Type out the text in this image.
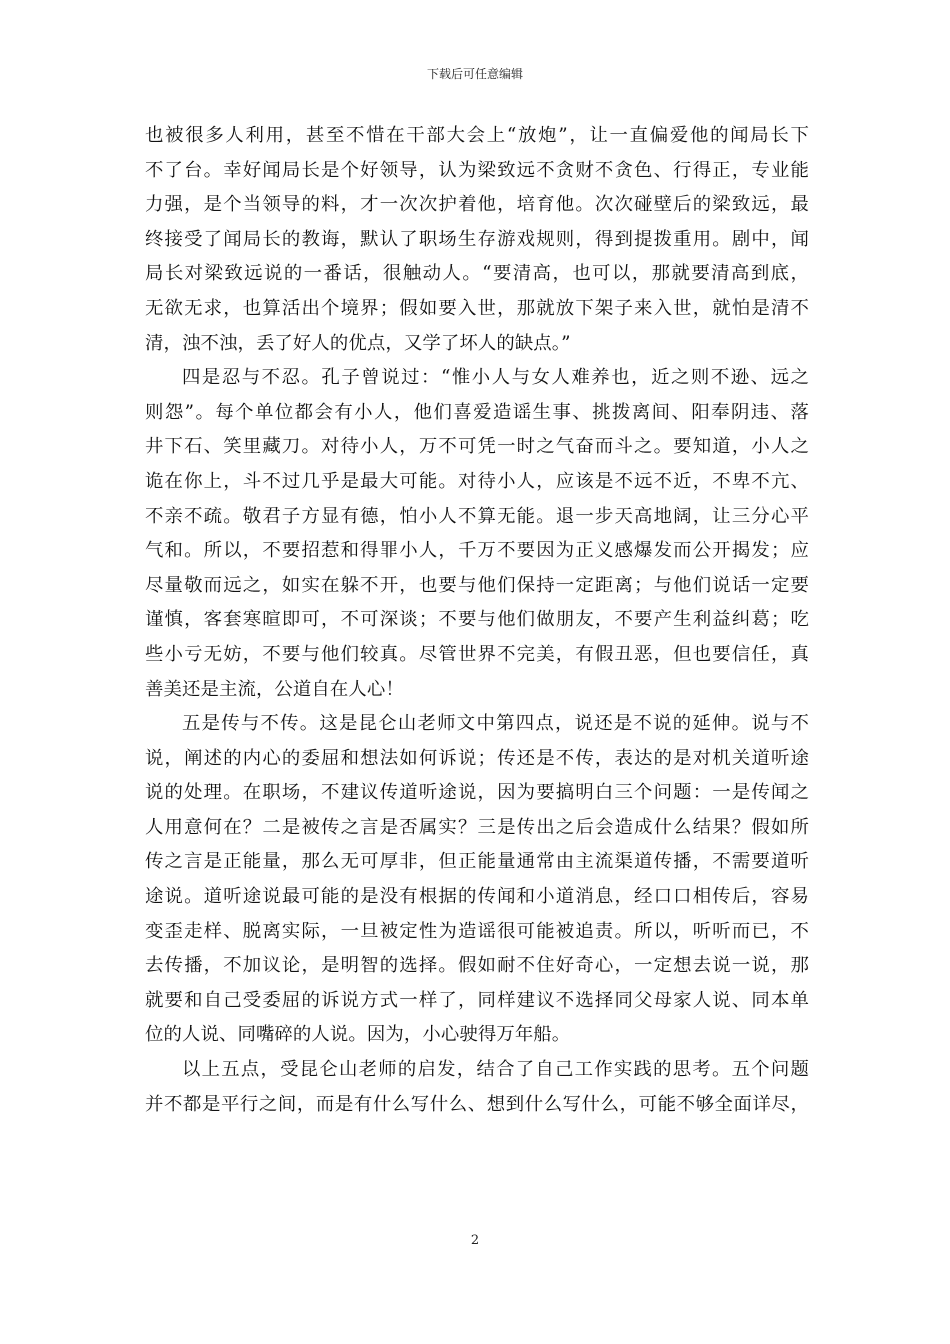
下载后可任意编辑
也被很多人利用，甚至不惜在干部大会上“放炮”，让一直偏爱他的闻局长下
不了台。幸好闻局长是个好领导，认为梁致远不贪财不贪色、行得正，专业能
力强，是个当领导的料，才一次次护着他，培育他。次次碰壁后的梁致远，最
终接受了闻局长的教诲，默认了职场生存游戏规则，得到提拨重用。剧中，闻
局长对梁致远说的一番话，很触动人。“要清高，也可以，那就要清高到底，
无欲无求，也算活出个境界；假如要入世，那就放下架子来入世，就怕是清不
清，浊不浊，丢了好人的优点，又学了坏人的缺点。”
四是忍与不忍。孔子曾说过：“惟小人与女人难养也，近之则不逊、远之
则怨”。每个单位都会有小人，他们喜爱造谣生事、挑拨离间、阳奉阴违、落
井下石、笑里藏刀。对待小人，万不可凭一时之气奋而斗之。要知道，小人之
诡在你上，斗不过几乎是最大可能。对待小人，应该是不远不近，不卑不亢、
不亲不疏。敬君子方显有德，怕小人不算无能。退一步天高地阔，让三分心平
气和。所以，不要招惹和得罪小人，千万不要因为正义感爆发而公开揭发；应
尽量敬而远之，如实在躲不开，也要与他们保持一定距离；与他们说话一定要
谨慎，客套寒暄即可，不可深谈；不要与他们做朋友，不要产生利益纠葛；吃
些小亏无妨，不要与他们较真。尽管世界不完美，有假丑恶，但也要信任，真
善美还是主流，公道自在人心！
五是传与不传。这是昆仑山老师文中第四点，说还是不说的延伸。说与不
说，阐述的内心的委屈和想法如何诉说；传还是不传，表达的是对机关道听途
说的处理。在职场，不建议传道听途说，因为要搞明白三个问题：一是传闻之
人用意何在？二是被传之言是否属实？三是传出之后会造成什么结果？假如所
传之言是正能量，那么无可厚非，但正能量通常由主流渠道传播，不需要道听
途说。道听途说最可能的是没有根据的传闻和小道消息，经口口相传后，容易
变歪走样、脱离实际，一旦被定性为造谣很可能被追责。所以，听听而已，不
去传播，不加议论，是明智的选择。假如耐不住好奇心，一定想去说一说，那
就要和自己受委屈的诉说方式一样了，同样建议不选择同父母家人说、同本单
位的人说、同嘴碎的人说。因为，小心驶得万年船。
以上五点，受昆仑山老师的启发，结合了自己工作实践的思考。五个问题
并不都是平行之间，而是有什么写什么、想到什么写什么，可能不够全面详尽，
2
